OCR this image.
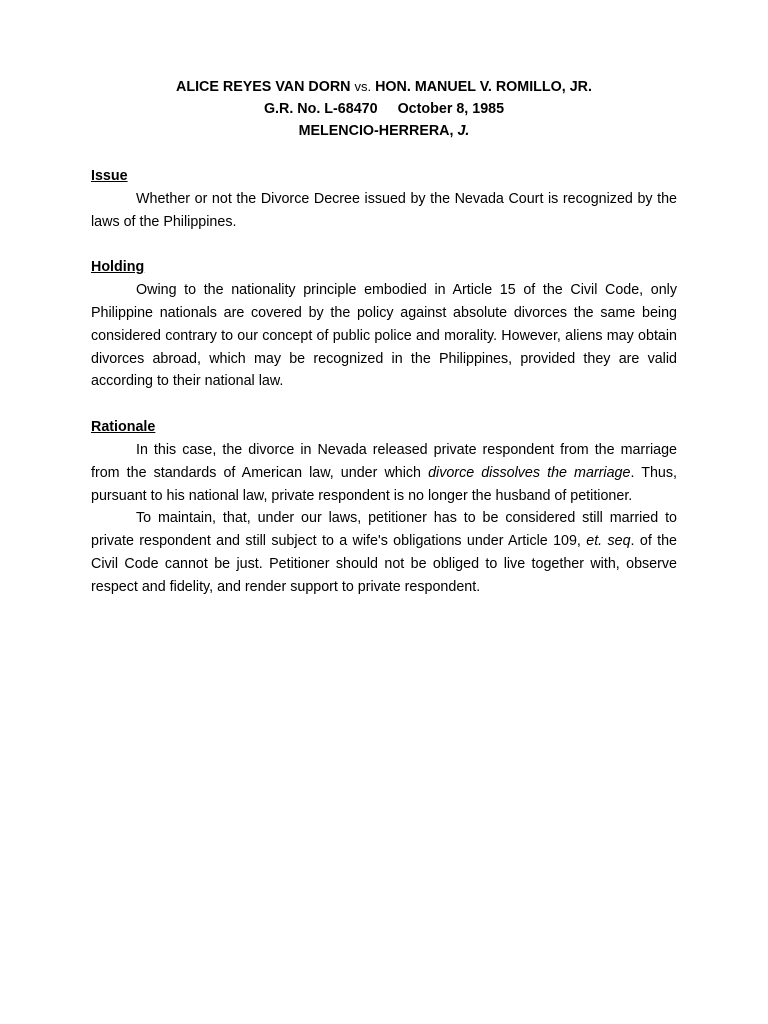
ALICE REYES VAN DORN vs. HON. MANUEL V. ROMILLO, JR.
G.R. No. L-68470 October 8, 1985
MELENCIO-HERRERA, J.
Issue

Whether or not the Divorce Decree issued by the Nevada Court is recognized by the laws of the Philippines.

Holding

Owing to the nationality principle embodied in Article 15 of the Civil Code, only Philippine nationals are covered by the policy against absolute divorces the same being considered contrary to our concept of public police and morality. However, aliens may obtain divorces abroad, which may be recognized in the Philippines, provided they are valid according to their national law.

Rationale

In this case, the divorce in Nevada released private respondent from the marriage from the standards of American law, under which divorce dissolves the marriage. Thus, pursuant to his national law, private respondent is no longer the husband of petitioner.

To maintain, that, under our laws, petitioner has to be considered still married to private respondent and still subject to a wife's obligations under Article 109, et. seq. of the Civil Code cannot be just. Petitioner should not be obliged to live together with, observe respect and fidelity, and render support to private respondent.
